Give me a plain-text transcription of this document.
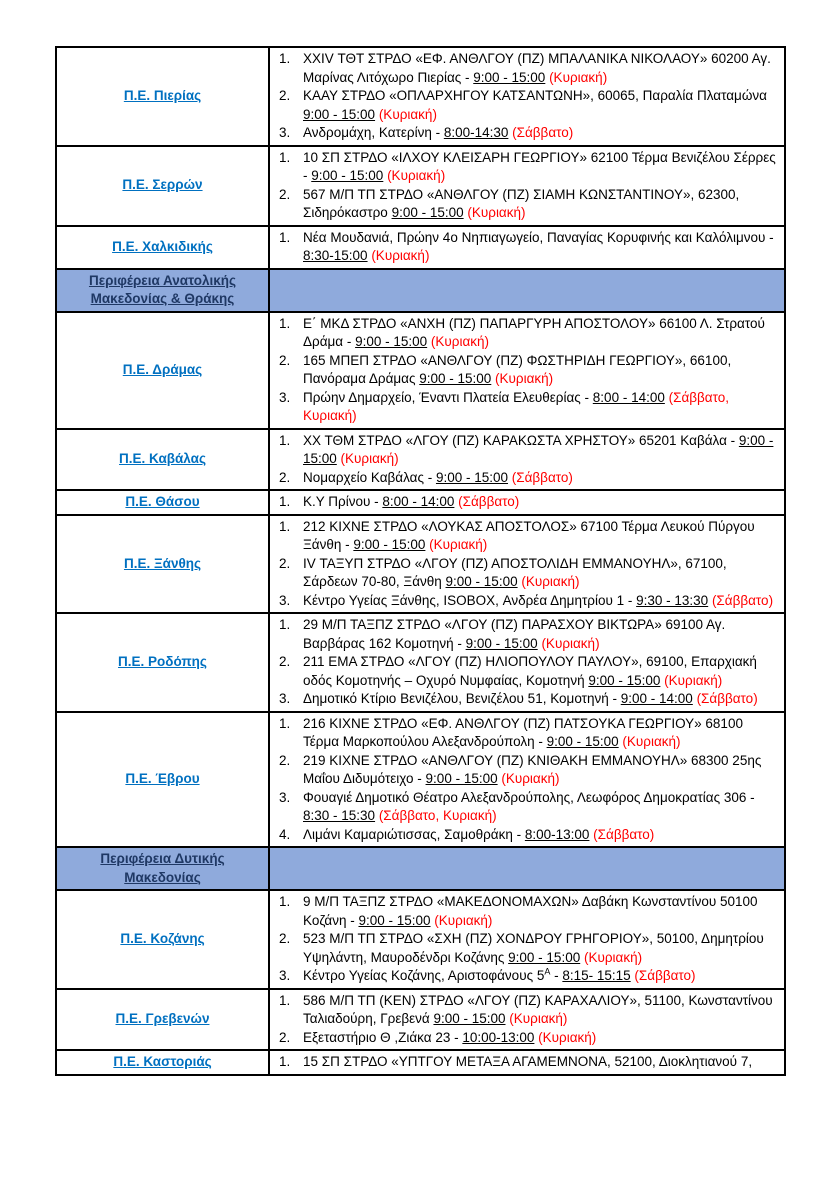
Π.Ε. Πιερίας
XXIV ΤΘΤ ΣΤΡΔΟ «ΕΦ. ΑΝΘΛΓΟΥ (ΠΖ) ΜΠΑΛΑΝΙΚΑ ΝΙΚΟΛΑΟΥ» 60200 Αγ. Μαρίνας Λιτόχωρο Πιερίας - 9:00 - 15:00 (Κυριακή)
ΚΑΑΥ ΣΤΡΔΟ «ΟΠΛΑΡΧΗΓΟΥ ΚΑΤΣΑΝΤΩΝΗ», 60065, Παραλία Πλαταμώνα 9:00 - 15:00 (Κυριακή)
Ανδρομάχη, Κατερίνη - 8:00-14:30 (Σάββατο)
Π.Ε. Σερρών
10 ΣΠ ΣΤΡΔΟ «ΙΛΧΟΥ ΚΛΕΙΣΑΡΗ ΓΕΩΡΓΙΟΥ» 62100 Τέρμα Βενιζέλου Σέρρες - 9:00 - 15:00 (Κυριακή)
567 Μ/Π ΤΠ ΣΤΡΔΟ «ΑΝΘΛΓΟΥ (ΠΖ) ΣΙΑΜΗ ΚΩΝΣΤΑΝΤΙΝΟΥ», 62300, Σιδηρόκαστρο 9:00 - 15:00 (Κυριακή)
Π.Ε. Χαλκιδικής
Νέα Μουδανιά, Πρώην 4ο Νηπιαγωγείο, Παναγίας Κορυφινής και Καλόλιμνου - 8:30-15:00 (Κυριακή)
Περιφέρεια Ανατολικής Μακεδονίας & Θράκης
Π.Ε. Δράμας
Ε΄ ΜΚΔ ΣΤΡΔΟ «ΑΝΧΗ (ΠΖ) ΠΑΠΑΡΓΥΡΗ ΑΠΟΣΤΟΛΟΥ» 66100 Λ. Στρατού Δράμα - 9:00 - 15:00 (Κυριακή)
165 ΜΠΕΠ ΣΤΡΔΟ «ΑΝΘΛΓΟΥ (ΠΖ) ΦΩΣΤΗΡΙΔΗ ΓΕΩΡΓΙΟΥ», 66100, Πανόραμα Δράμας 9:00 - 15:00 (Κυριακή)
Πρώην Δημαρχείο, Έναντι Πλατεία Ελευθερίας - 8:00 - 14:00 (Σάββατο, Κυριακή)
Π.Ε. Καβάλας
ΧΧ ΤΘΜ ΣΤΡΔΟ «ΛΓΟΥ (ΠΖ) ΚΑΡΑΚΩΣΤΑ ΧΡΗΣΤΟΥ» 65201 Καβάλα - 9:00 - 15:00 (Κυριακή)
Νομαρχείο Καβάλας - 9:00 - 15:00 (Σάββατο)
Π.Ε. Θάσου	Κ.Υ Πρίνου - 8:00 - 14:00 (Σάββατο)
Π.Ε. Ξάνθης
212 ΚΙΧΝΕ ΣΤΡΔΟ «ΛΟΥΚΑΣ ΑΠΟΣΤΟΛΟΣ» 67100 Τέρμα Λευκού Πύργου Ξάνθη - 9:00 - 15:00 (Κυριακή)
IV ΤΑΞΥΠ ΣΤΡΔΟ «ΛΓΟΥ (ΠΖ) ΑΠΟΣΤΟΛΙΔΗ ΕΜΜΑΝΟΥΗΛ», 67100, Σάρδεων 70-80, Ξάνθη 9:00 - 15:00 (Κυριακή)
Κέντρο Υγείας Ξάνθης, ISOBOX, Ανδρέα Δημητρίου 1 - 9:30 - 13:30 (Σάββατο)
Π.Ε. Ροδόπης
29 Μ/Π ΤΑΞΠΖ ΣΤΡΔΟ «ΛΓΟΥ (ΠΖ) ΠΑΡΑΣΧΟΥ ΒΙΚΤΩΡΑ» 69100 Αγ. Βαρβάρας 162 Κομοτηνή - 9:00 - 15:00 (Κυριακή)
211 ΕΜΑ ΣΤΡΔΟ «ΛΓΟΥ (ΠΖ) ΗΛΙΟΠΟΥΛΟΥ ΠΑΥΛΟΥ», 69100, Επαρχιακή οδός Κομοτηνής – Οχυρό Νυμφαίας, Κομοτηνή 9:00 - 15:00 (Κυριακή)
Δημοτικό Κτίριο Βενιζέλου, Βενιζέλου 51, Κομοτηνή - 9:00 - 14:00 (Σάββατο)
Π.Ε. Έβρου
216 ΚΙΧΝΕ ΣΤΡΔΟ «ΕΦ. ΑΝΘΛΓΟΥ (ΠΖ) ΠΑΤΣΟΥΚΑ ΓΕΩΡΓΙΟΥ» 68100 Τέρμα Μαρκοπούλου Αλεξανδρούπολη - 9:00 - 15:00 (Κυριακή)
219 ΚΙΧΝΕ ΣΤΡΔΟ «ΑΝΘΛΓΟΥ (ΠΖ) ΚΝΙΘΑΚΗ ΕΜΜΑΝΟΥΗΛ» 68300 25ης Μαΐου Διδυμότειχο - 9:00 - 15:00 (Κυριακή)
Φουαγιέ Δημοτικό Θέατρο Αλεξανδρούπολης, Λεωφόρος Δημοκρατίας 306 - 8:30 - 15:30 (Σάββατο, Κυριακή)
Λιμάνι Καμαριώτισσας, Σαμοθράκη - 8:00-13:00 (Σάββατο)
Περιφέρεια Δυτικής Μακεδονίας
Π.Ε. Κοζάνης
9 Μ/Π ΤΑΞΠΖ ΣΤΡΔΟ «ΜΑΚΕΔΟΝΟΜΑΧΩΝ» Δαβάκη Κωνσταντίνου 50100 Κοζάνη - 9:00 - 15:00 (Κυριακή)
523 Μ/Π ΤΠ ΣΤΡΔΟ «ΣΧΗ (ΠΖ) ΧΟΝΔΡΟΥ ΓΡΗΓΟΡΙΟΥ», 50100, Δημητρίου Υψηλάντη, Μαυροδένδρι Κοζάνης 9:00 - 15:00 (Κυριακή)
Κέντρο Υγείας Κοζάνης, Αριστοφάνους $5^A$ - 8:15- 15:15 (Σάββατο)
Π.Ε. Γρεβενών
586 Μ/Π ΤΠ (ΚΕΝ) ΣΤΡΔΟ «ΛΓΟΥ (ΠΖ) ΚΑΡΑΧΑΛΙΟΥ», 51100, Κωνσταντίνου Ταλιαδούρη, Γρεβενά 9:00 - 15:00 (Κυριακή)
Εξεταστήριο Θ ,Ζιάκα 23 - 10:00-13:00 (Κυριακή)
Π.Ε. Καστοριάς	15 ΣΠ ΣΤΡΔΟ «ΥΠΤΓΟΥ ΜΕΤΑΞΑ ΑΓΑΜΕΜΝΟΝΑ, 52100, Διοκλητιανού 7,
